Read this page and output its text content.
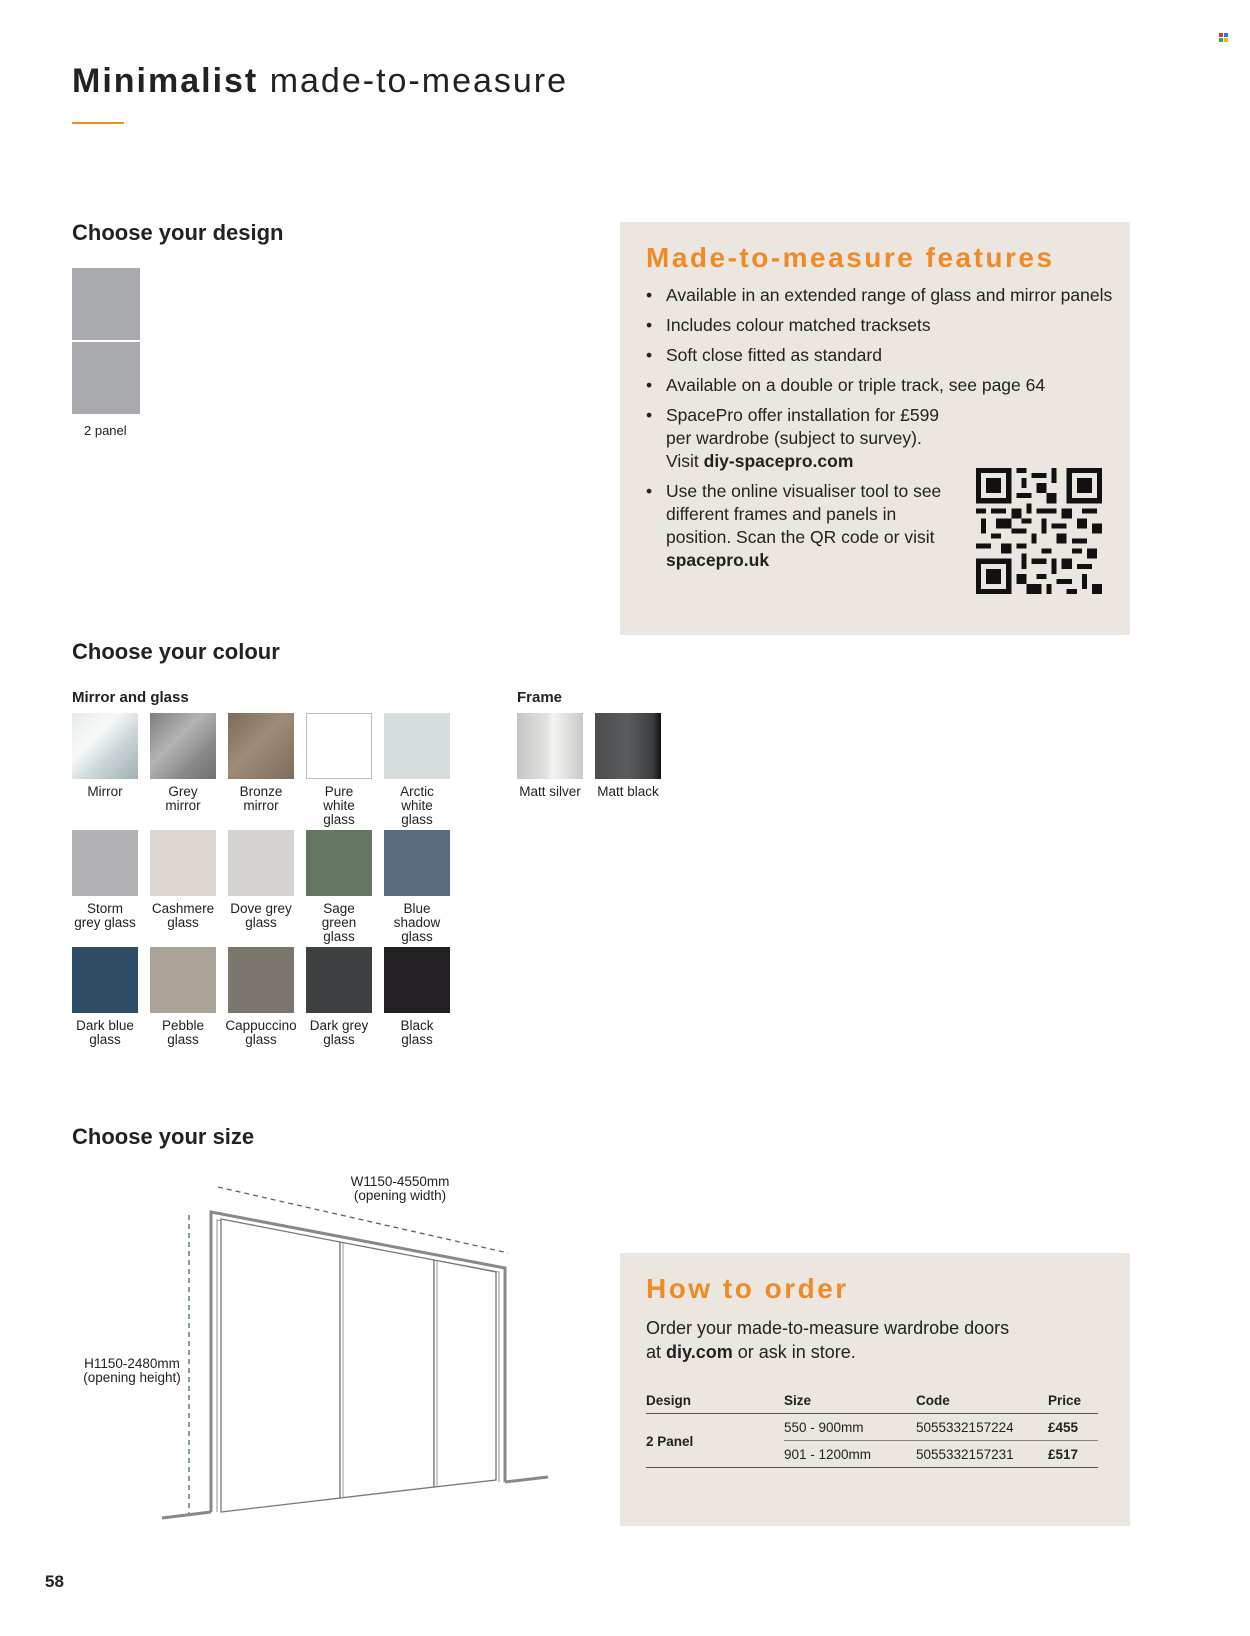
Minimalist made-to-measure
Choose your design
2 panel
Made-to-measure features
• Available in an extended range of glass and mirror panels
• Includes colour matched tracksets
• Soft close fitted as standard
• Available on a double or triple track, see page 64
• SpacePro offer installation for £599 per wardrobe (subject to survey).
Visit diy-spacepro.com
• Use the online visualiser tool to see different frames and panels in position. Scan the QR code or visit spacepro.uk
Choose your colour
Mirror and glass	Frame
Mirror	Grey
mirror
Bronze
mirror
Pure
white
glass
Arctic
white
glass
Storm
grey glass
Cashmere
glass
Dove grey
glass
Sage
green
glass
Blue
shadow
glass
Dark blue
glass
Pebble
glass
Cappuccino
glass
Dark grey
glass
Black
glass
Matt silver	Matt black
Choose your size
W1150-4550mm
(opening width)
H1150-2480mm
(opening height)
How to order
Order your made-to-measure wardrobe doors
at diy.com or ask in store.
Design	Size	Code	Price
2 Panel	550 - 900mm	5055332157224	£455
	901 - 1200mm	5055332157231	£517
58
